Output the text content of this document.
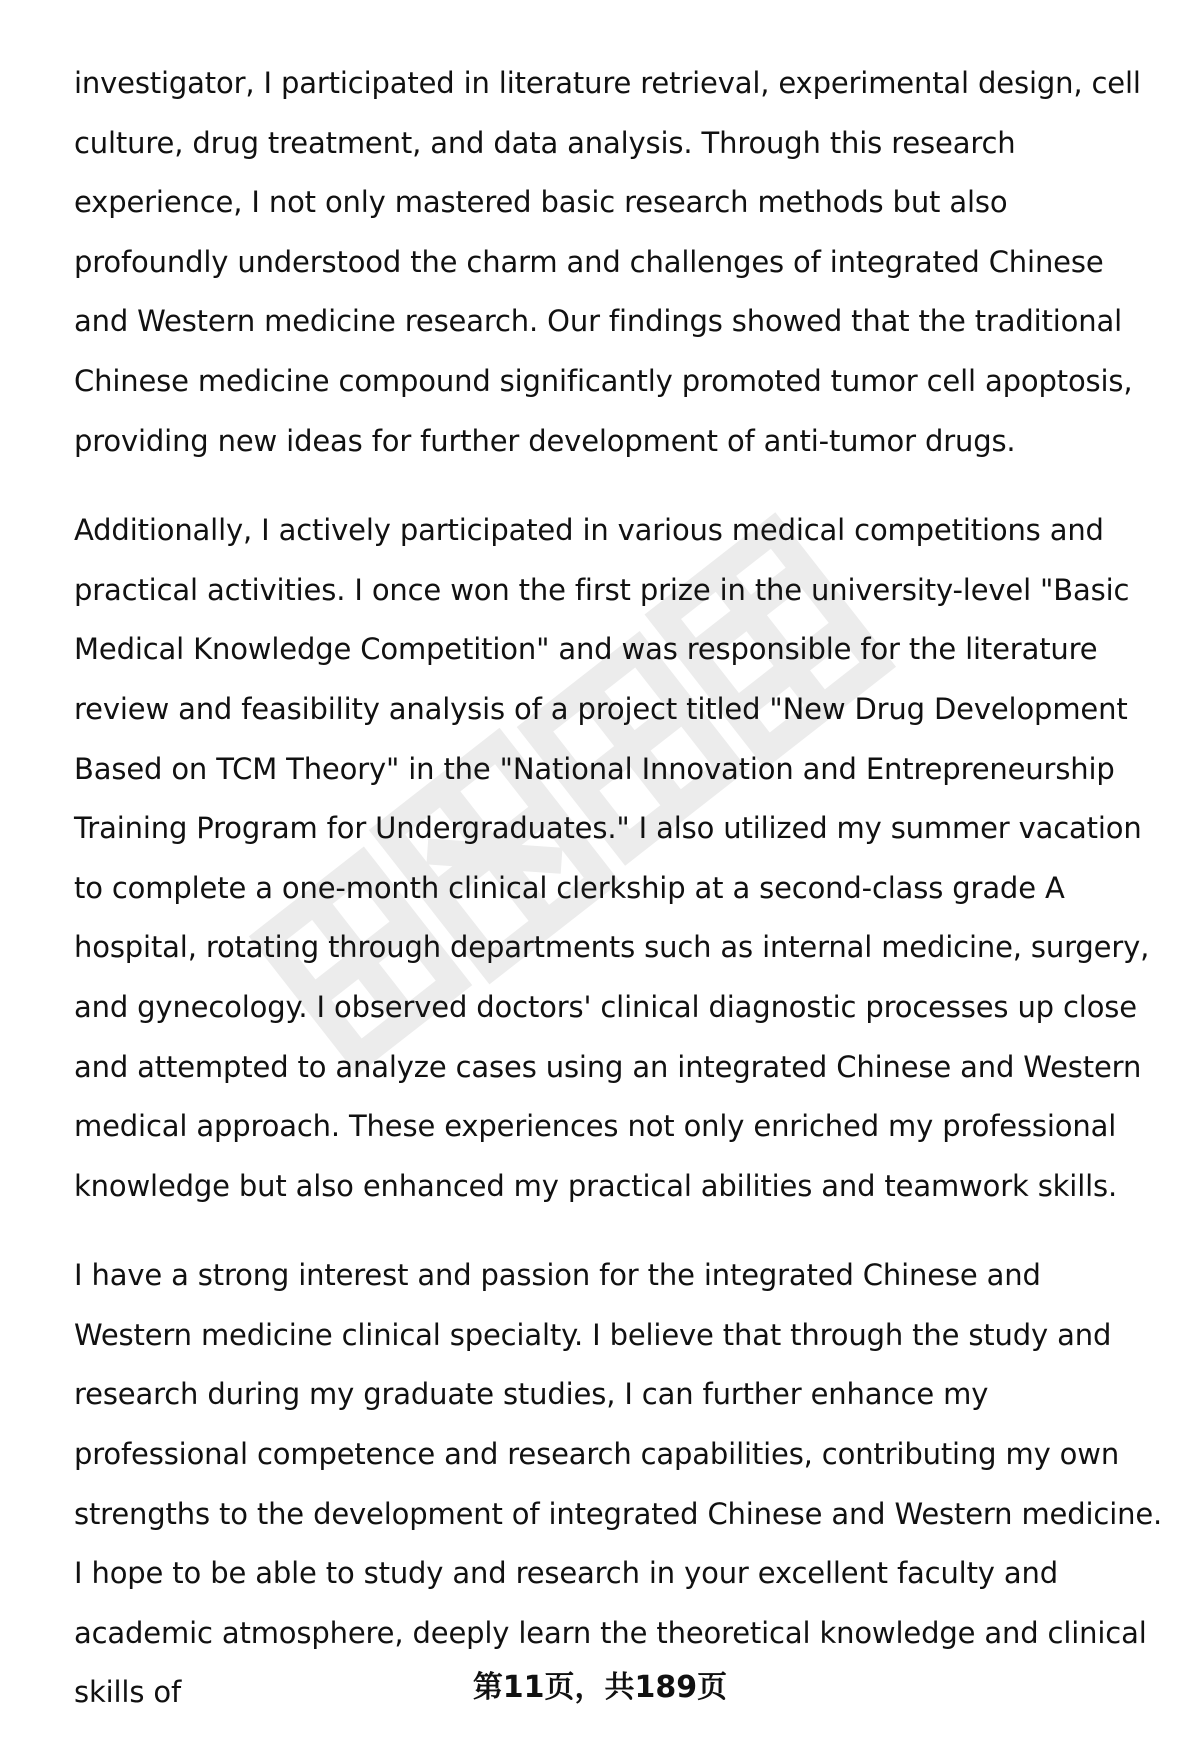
investigator, I participated in literature retrieval, experimental design, cell culture, drug treatment, and data analysis. Through this research experience, I not only mastered basic research methods but also profoundly understood the charm and challenges of integrated Chinese and Western medicine research. Our findings showed that the traditional Chinese medicine compound significantly promoted tumor cell apoptosis, providing new ideas for further development of anti-tumor drugs.

Additionally, I actively participated in various medical competitions and practical activities. I once won the first prize in the university-level "Basic Medical Knowledge Competition" and was responsible for the literature review and feasibility analysis of a project titled "New Drug Development Based on TCM Theory" in the "National Innovation and Entrepreneurship Training Program for Undergraduates." I also utilized my summer vacation to complete a one-month clinical clerkship at a second-class grade A hospital, rotating through departments such as internal medicine, surgery, and gynecology. I observed doctors' clinical diagnostic processes up close and attempted to analyze cases using an integrated Chinese and Western medical approach. These experiences not only enriched my professional knowledge but also enhanced my practical abilities and teamwork skills.

I have a strong interest and passion for the integrated Chinese and Western medicine clinical specialty. I believe that through the study and research during my graduate studies, I can further enhance my professional competence and research capabilities, contributing my own strengths to the development of integrated Chinese and Western medicine. I hope to be able to study and research in your excellent faculty and academic atmosphere, deeply learn the theoretical knowledge and clinical skills of	第11页，共189页
